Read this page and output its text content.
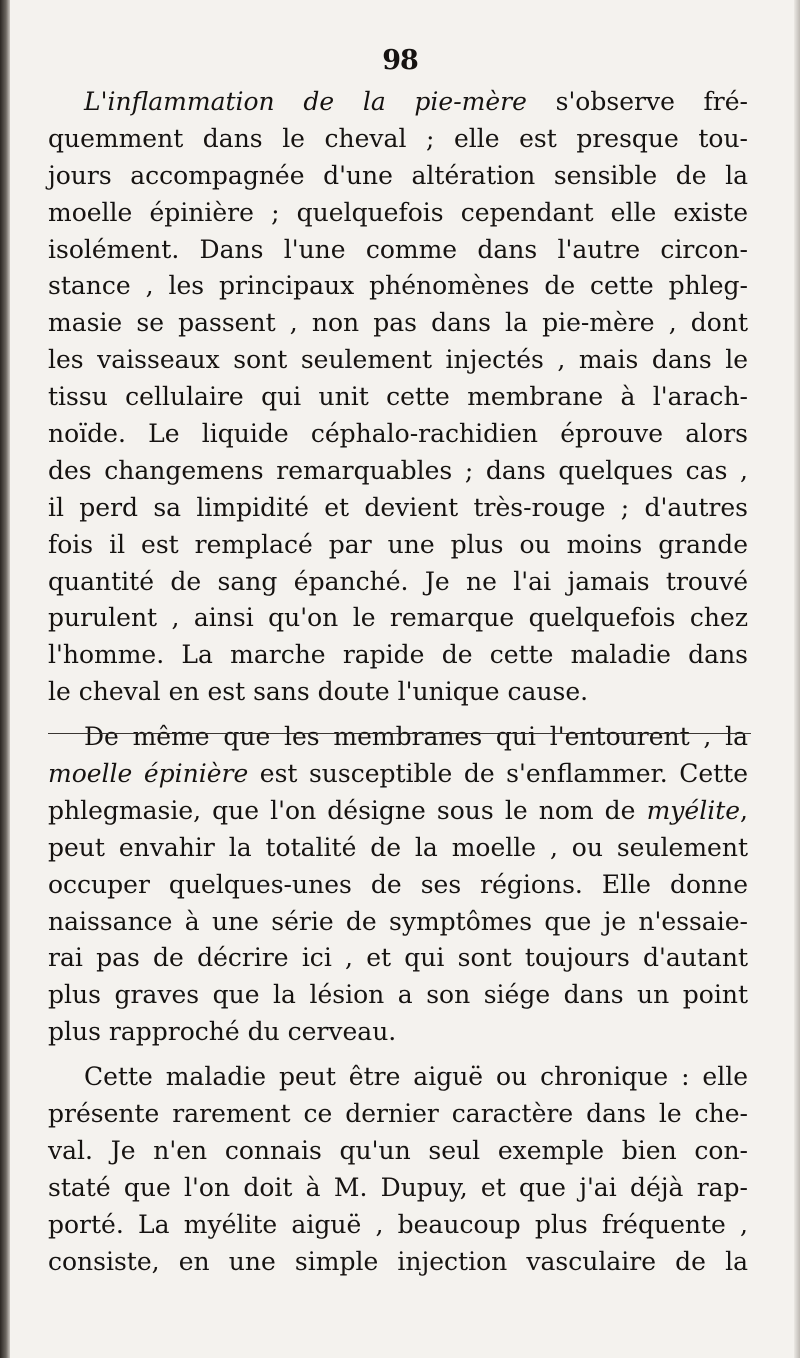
98
L'inflammation de la pie-mère s'observe fré-
quemment dans le cheval ; elle est presque tou-
jours accompagnée d'une altération sensible de la
moelle épinière ; quelquefois cependant elle existe
isolément. Dans l'une comme dans l'autre circon-
stance , les principaux phénomènes de cette phleg-
masie se passent , non pas dans la pie-mère , dont
les vaisseaux sont seulement injectés , mais dans le
tissu cellulaire qui unit cette membrane à l'arach-
noïde. Le liquide céphalo-rachidien éprouve alors
des changemens remarquables ; dans quelques cas ,
il perd sa limpidité et devient très-rouge ; d'autres
fois il est remplacé par une plus ou moins grande
quantité de sang épanché. Je ne l'ai jamais trouvé
purulent , ainsi qu'on le remarque quelquefois chez
l'homme. La marche rapide de cette maladie dans
le cheval en est sans doute l'unique cause.
De même que les membranes qui l'entourent , la
moelle épinière est susceptible de s'enflammer. Cette
phlegmasie, que l'on désigne sous le nom de myélite,
peut envahir la totalité de la moelle , ou seulement
occuper quelques-unes de ses régions. Elle donne
naissance à une série de symptômes que je n'essaie-
rai pas de décrire ici , et qui sont toujours d'autant
plus graves que la lésion a son siége dans un point
plus rapproché du cerveau.
Cette maladie peut être aiguë ou chronique : elle
présente rarement ce dernier caractère dans le che-
val. Je n'en connais qu'un seul exemple bien con-
staté que l'on doit à M. Dupuy, et que j'ai déjà rap-
porté. La myélite aiguë , beaucoup plus fréquente ,
consiste, en une simple injection vasculaire de la
